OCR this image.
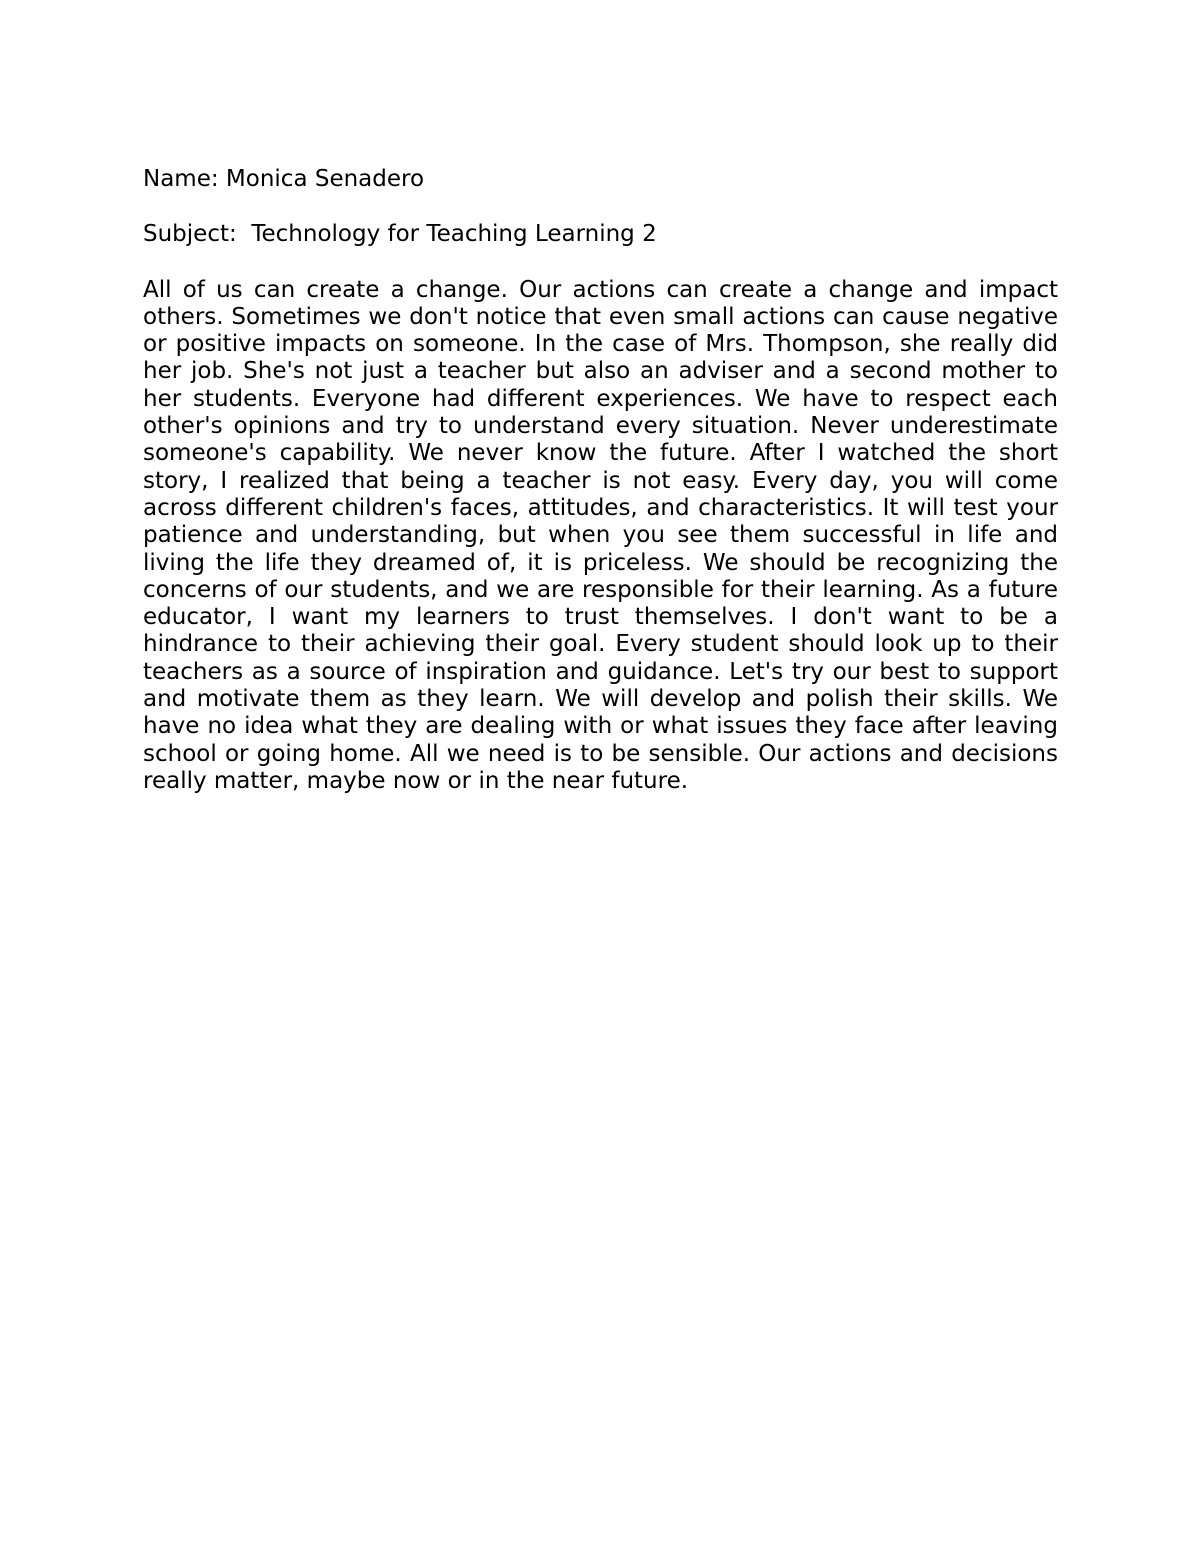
Name: Monica Senadero

Subject:  Technology for Teaching Learning 2

All of us can create a change. Our actions can create a change and impact others. Sometimes we don't notice that even small actions can cause negative or positive impacts on someone. In the case of Mrs. Thompson, she really did her job. She's not just a teacher but also an adviser and a second mother to her students. Everyone had different experiences. We have to respect each other's opinions and try to understand every situation. Never underestimate someone's capability. We never know the future. After I watched the short story, I realized that being a teacher is not easy. Every day, you will come across different children's faces, attitudes, and characteristics. It will test your patience and understanding, but when you see them successful in life and living the life they dreamed of, it is priceless. We should be recognizing the concerns of our students, and we are responsible for their learning. As a future educator, I want my learners to trust themselves. I don't want to be a hindrance to their achieving their goal. Every student should look up to their teachers as a source of inspiration and guidance. Let's try our best to support and motivate them as they learn. We will develop and polish their skills. We have no idea what they are dealing with or what issues they face after leaving school or going home. All we need is to be sensible. Our actions and decisions really matter, maybe now or in the near future.
